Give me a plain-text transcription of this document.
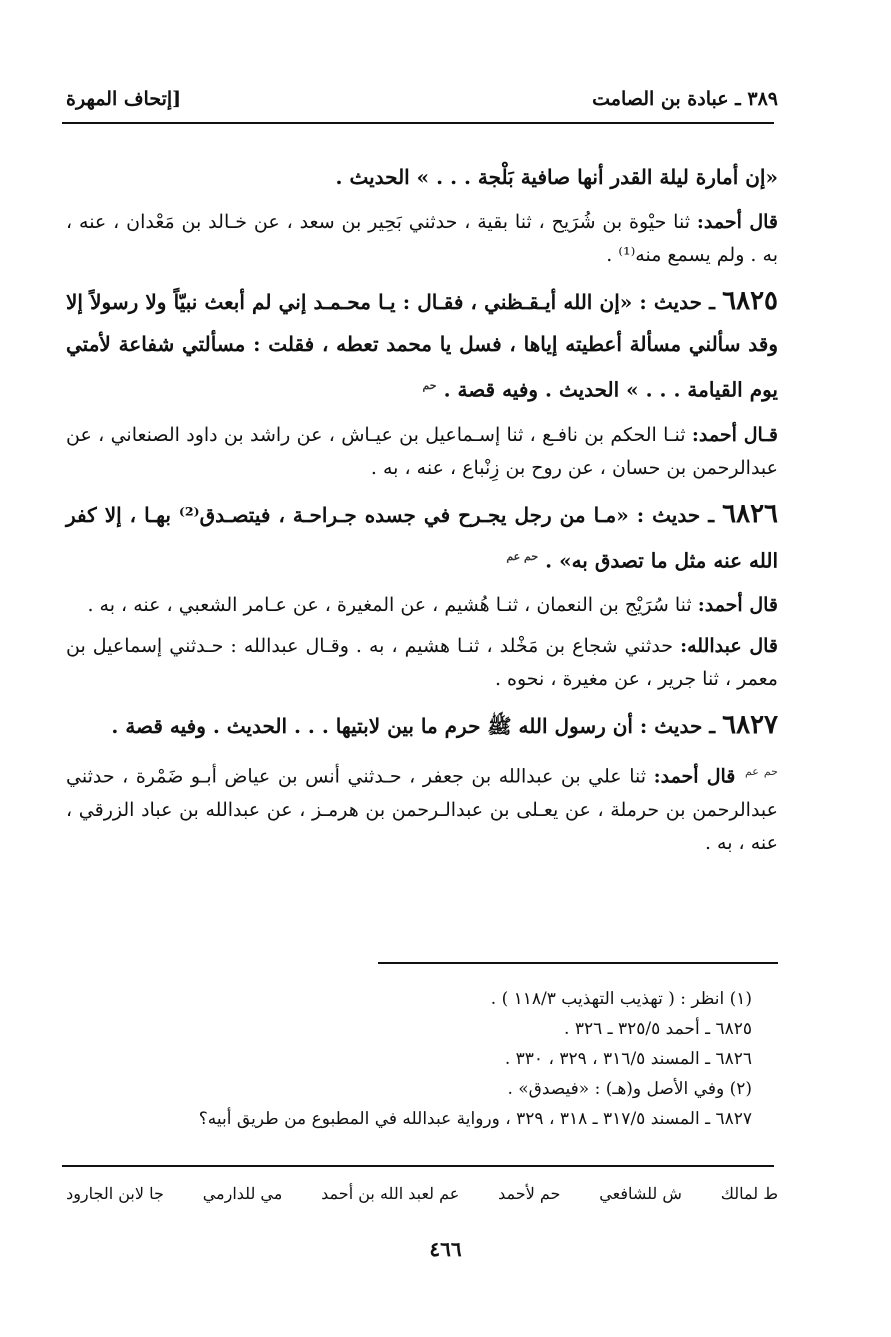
٣٨٩ ـ عبادة بن الصامت
[إتحاف المهرة

«إن أمارة ليلة القدر أنها صافية بَلْجة . . . » الحديث .

قال أحمد: ثنا حيْوة بن شُرَيح ، ثنا بقية ، حدثني بَحِير بن سعد ، عن خـالد بن مَعْدان ، عنه ، به . ولم يسمع منه⁽¹⁾ .

٦٨٢٥ ـ حديث : «إن الله أيـقـظني ، فقـال : يـا محـمـد إني لم أبعث نبيّاً ولا رسولاً إلا وقد سألني مسألة أعطيته إياها ، فسل يا محمد تعطه ، فقلت : مسألتي شفاعة لأمتي يوم القيامة . . . » الحديث . وفيه قصة . $^{حم}$

قـال أحمد: ثنـا الحكم بن نافـع ، ثنا إسـماعيل بن عيـاش ، عن راشد بن داود الصنعاني ، عن عبدالرحمن بن حسان ، عن روح بن زِنْباع ، عنه ، به .

٦٨٢٦ ـ حديث : «مـا من رجل يجـرح في جسده جـراحـة ، فيتصـدق⁽²⁾ بهـا ، إلا كفر الله عنه مثل ما تصدق به» . $^{حم عم}$

قال أحمد: ثنا سُرَيْج بن النعمان ، ثنـا هُشيم ، عن المغيرة ، عن عـامر الشعبي ، عنه ، به .

قال عبدالله: حدثني شجاع بن مَخْلد ، ثنـا هشيم ، به . وقـال عبدالله : حـدثني إسماعيل بن معمر ، ثنا جرير ، عن مغيرة ، نحوه .

٦٨٢٧ ـ حديث : أن رسول الله ﷺ حرم ما بين لابتيها . . . الحديث . وفيه قصة .

$^{حم عم}$ قال أحمد: ثنا علي بن عبدالله بن جعفر ، حـدثني أنس بن عياض أبـو ضَمْرة ، حدثني عبدالرحمن بن حرملة ، عن يعـلى بن عبدالـرحمن بن هرمـز ، عن عبدالله بن عباد الزرقي ، عنه ، به .

(١) انظر : ( تهذيب التهذيب ١١٨/٣ ) .
٦٨٢٥ ـ أحمد ٣٢٥/٥ ـ ٣٢٦ .
٦٨٢٦ ـ المسند ٣١٦/٥ ، ٣٢٩ ، ٣٣٠ .
(٢) وفي الأصل و(هـ) : «فيصدق» .
٦٨٢٧ ـ المسند ٣١٧/٥ ـ ٣١٨ ، ٣٢٩ ، ورواية عبدالله في المطبوع من طريق أبيه؟
ط لمالك
ش للشافعي
حم لأحمد
عم لعبد الله بن أحمد
مي للدارمي
جا لابن الجارود
٤٦٦
